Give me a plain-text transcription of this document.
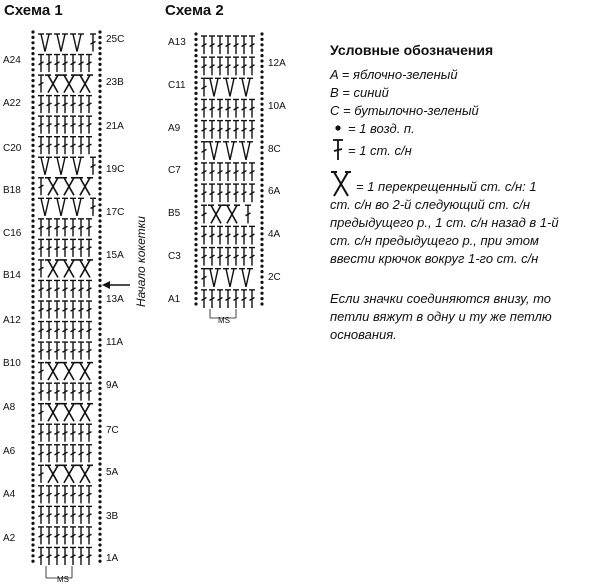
Схема 1	Схема 2
A24
A22
C20
B18
C16
B14
A12
B10
A8
A6
A4
A2
25C
23B
21A
19C
17C
15A
13A
11A
9A
7C
5A
3B
1A
MS
Начало кокетки
A13
C11
A9
C7
B5
C3
A1
12A
10A
8C
6A
4A
2C
MS
Условные обозначения
A = яблочно-зеленый
B = синий
C = бутылочно-зеленый
= 1 возд. п.
= 1 ст. с/н
= 1 перекрещенный ст. с/н: 1
ст. с/н во 2-й следующий ст. с/н
предыдущего р., 1 ст. с/н назад в 1-й
ст. с/н предыдущего р., при этом
ввести крючок вокруг 1-го ст. с/н
Если значки соединяются внизу, то
петли вяжут в одну и ту же петлю
основания.
